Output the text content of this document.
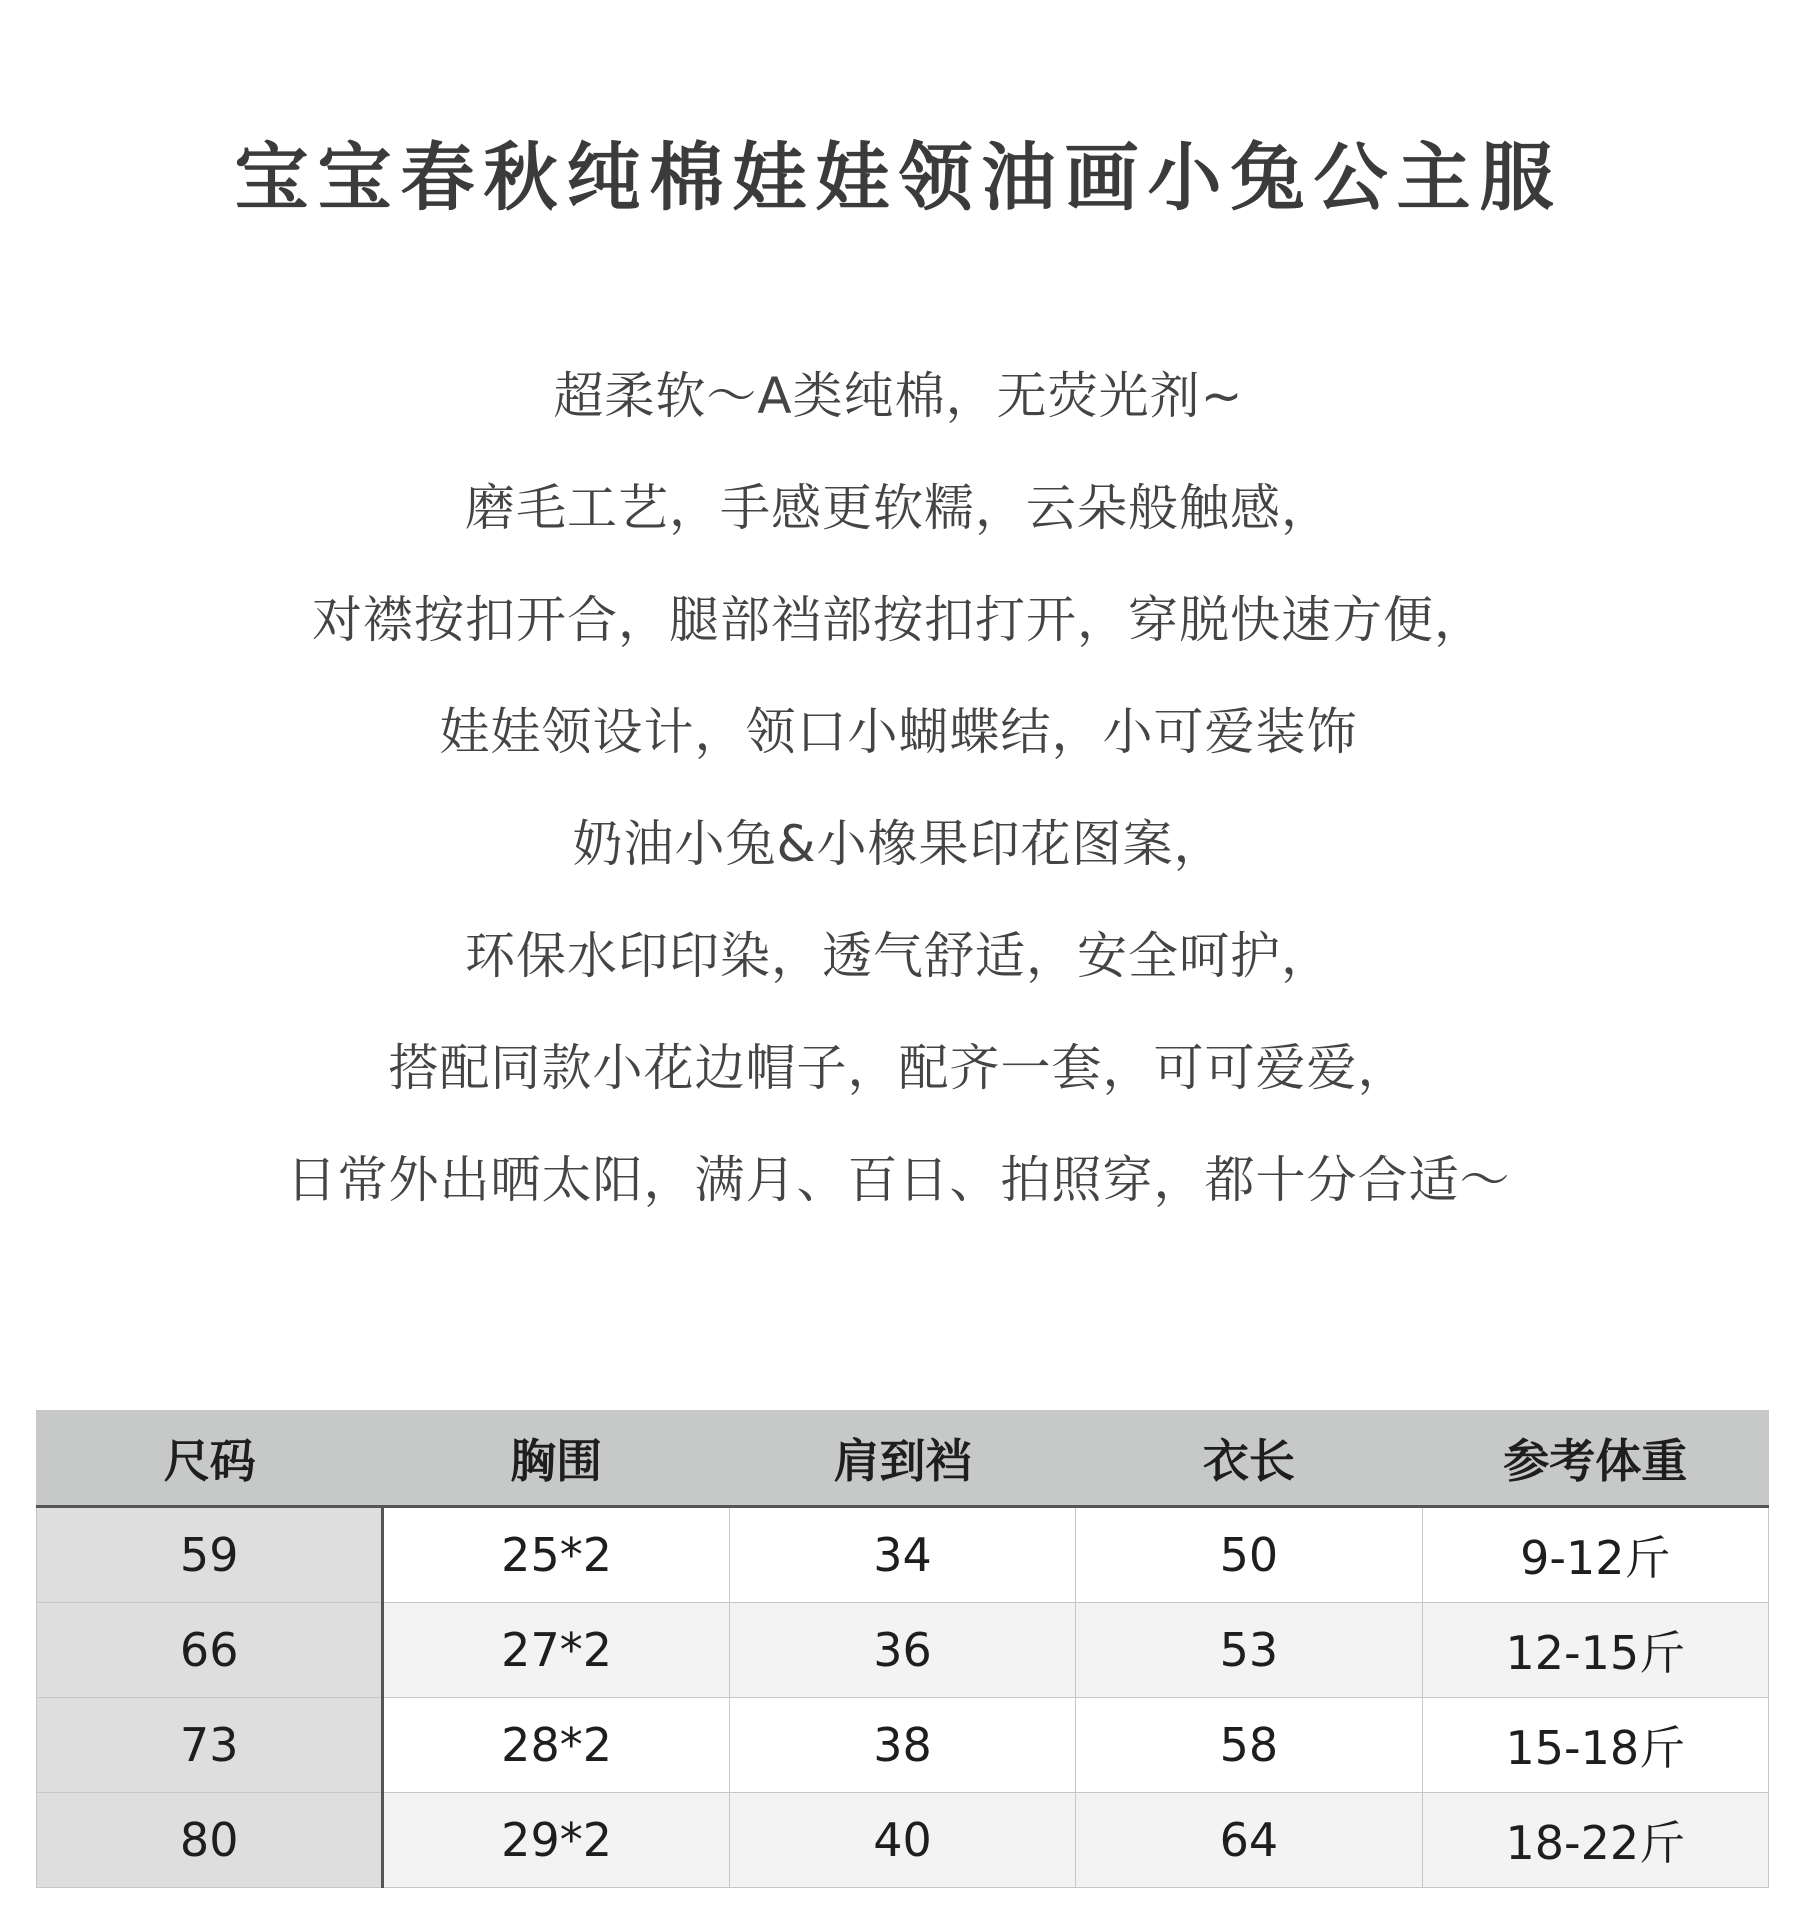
宝宝春秋纯棉娃娃领油画小兔公主服
超柔软～A类纯棉，无荧光剂~
磨毛工艺，手感更软糯，云朵般触感，
对襟按扣开合，腿部裆部按扣打开，穿脱快速方便，
娃娃领设计，领口小蝴蝶结，小可爱装饰
奶油小兔&小橡果印花图案，
环保水印印染，透气舒适，安全呵护，
搭配同款小花边帽子，配齐一套，可可爱爱，
日常外出晒太阳，满月、百日、拍照穿，都十分合适～
尺码	胸围	肩到裆	衣长	参考体重
59	25*2	34	50	9-12斤
66	27*2	36	53	12-15斤
73	28*2	38	58	15-18斤
80	29*2	40	64	18-22斤
